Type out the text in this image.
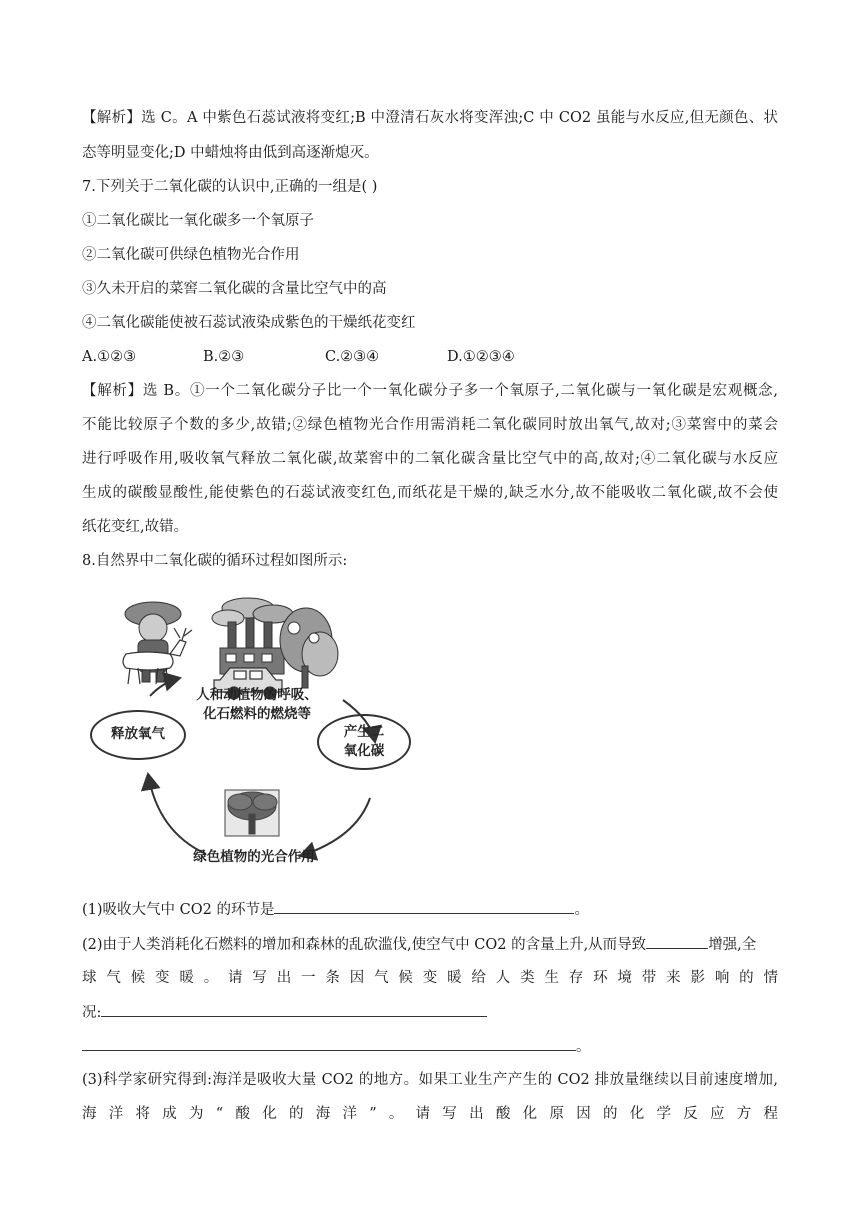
【解析】选 C。A 中紫色石蕊试液将变红;B 中澄清石灰水将变浑浊;C 中 CO2 虽能与水反应,但无颜色、状
态等明显变化;D 中蜡烛将由低到高逐渐熄灭。
7.下列关于二氧化碳的认识中,正确的一组是( )
①二氧化碳比一氧化碳多一个氧原子
②二氧化碳可供绿色植物光合作用
③久未开启的菜窖二氧化碳的含量比空气中的高
④二氧化碳能使被石蕊试液染成紫色的干燥纸花变红
A.①②③	B.②③	C.②③④	D.①②③④
【解析】选 B。①一个二氧化碳分子比一个一氧化碳分子多一个氧原子,二氧化碳与一氧化碳是宏观概念,
不能比较原子个数的多少,故错;②绿色植物光合作用需消耗二氧化碳同时放出氧气,故对;③菜窖中的菜会
进行呼吸作用,吸收氧气释放二氧化碳,故菜窖中的二氧化碳含量比空气中的高,故对;④二氧化碳与水反应
生成的碳酸显酸性,能使紫色的石蕊试液变红色,而纸花是干燥的,缺乏水分,故不能吸收二氧化碳,故不会使
纸花变红,故错。
8.自然界中二氧化碳的循环过程如图所示:
人和动植物的呼吸、
化石燃料的燃烧等
释放氧气	产生二
氧化碳
绿色植物的光合作用
(1)吸收大气中 CO2 的环节是	。
(2)由于人类消耗化石燃料的增加和森林的乱砍滥伐,使空气中 CO2 的含量上升,从而导致	增强,全
球气候变暖。请写出一条因气候变暖给人类生存环境带来影响的情
况:
。
(3)科学家研究得到:海洋是吸收大量 CO2 的地方。如果工业生产产生的 CO2 排放量继续以目前速度增加,
海洋将成为“酸化的海洋”。请写出酸化原因的化学反应方程
